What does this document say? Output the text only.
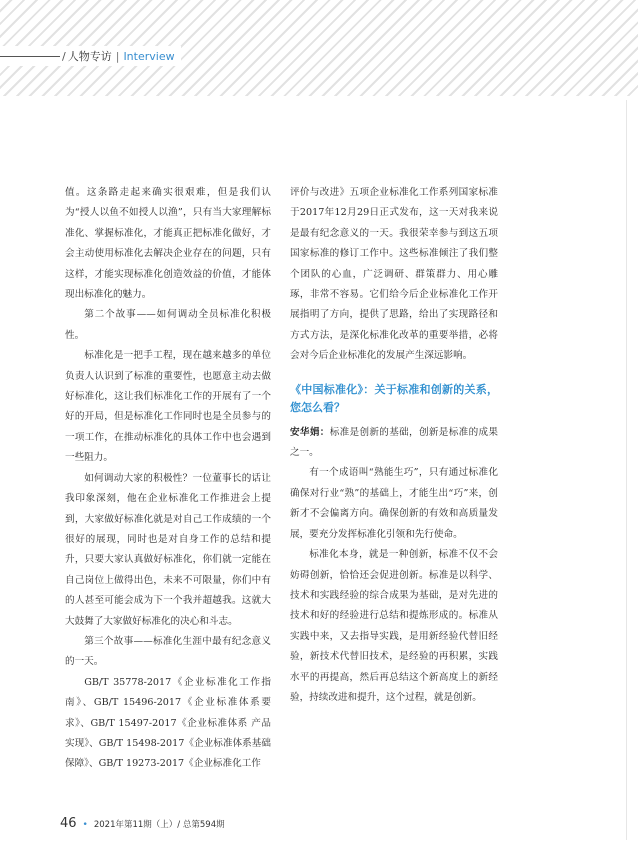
/ 人物专访 | Interview

值。这条路走起来确实很艰难，但是我们认为“授人以鱼不如授人以渔”，只有当大家理解标准化、掌握标准化，才能真正把标准化做好，才会主动使用标准化去解决企业存在的问题，只有这样，才能实现标准化创造效益的价值，才能体现出标准化的魅力。

第二个故事——如何调动全员标准化积极性。

标准化是一把手工程，现在越来越多的单位负责人认识到了标准的重要性，也愿意主动去做好标准化，这让我们标准化工作的开展有了一个好的开局，但是标准化工作同时也是全员参与的一项工作，在推动标准化的具体工作中也会遇到一些阻力。

如何调动大家的积极性？一位董事长的话让我印象深刻，他在企业标准化工作推进会上提到，大家做好标准化就是对自己工作成绩的一个很好的展现，同时也是对自身工作的总结和提升，只要大家认真做好标准化，你们就一定能在自己岗位上做得出色，未来不可限量，你们中有的人甚至可能会成为下一个我并超越我。这就大大鼓舞了大家做好标准化的决心和斗志。

第三个故事——标准化生涯中最有纪念意义的一天。

GB/T 35778-2017《企业标准化工作指南》、GB/T 15496-2017《企业标准体系要求》、GB/T 15497-2017《企业标准体系 产品实现》、GB/T 15498-2017《企业标准体系基础保障》、GB/T 19273-2017《企业标准化工作

评价与改进》五项企业标准化工作系列国家标准于2017年12月29日正式发布，这一天对我来说是最有纪念意义的一天。我很荣幸参与到这五项国家标准的修订工作中。这些标准倾注了我们整个团队的心血，广泛调研、群策群力、用心雕琢，非常不容易。它们给今后企业标准化工作开展指明了方向，提供了思路，给出了实现路径和方式方法，是深化标准化改革的重要举措，必将会对今后企业标准化的发展产生深远影响。

《中国标准化》：关于标准和创新的关系，您怎么看？

安华娟：标准是创新的基础，创新是标准的成果之一。

有一个成语叫“熟能生巧”，只有通过标准化确保对行业“熟”的基础上，才能生出“巧”来，创新才不会偏离方向。确保创新的有效和高质量发展，要充分发挥标准化引领和先行使命。

标准化本身，就是一种创新，标准不仅不会妨碍创新，恰恰还会促进创新。标准是以科学、技术和实践经验的综合成果为基础，是对先进的技术和好的经验进行总结和提炼形成的。标准从实践中来，又去指导实践，是用新经验代替旧经验，新技术代替旧技术，是经验的再积累，实践水平的再提高，然后再总结这个新高度上的新经验，持续改进和提升，这个过程，就是创新。

46 • 2021年第11期（上）/ 总第594期
